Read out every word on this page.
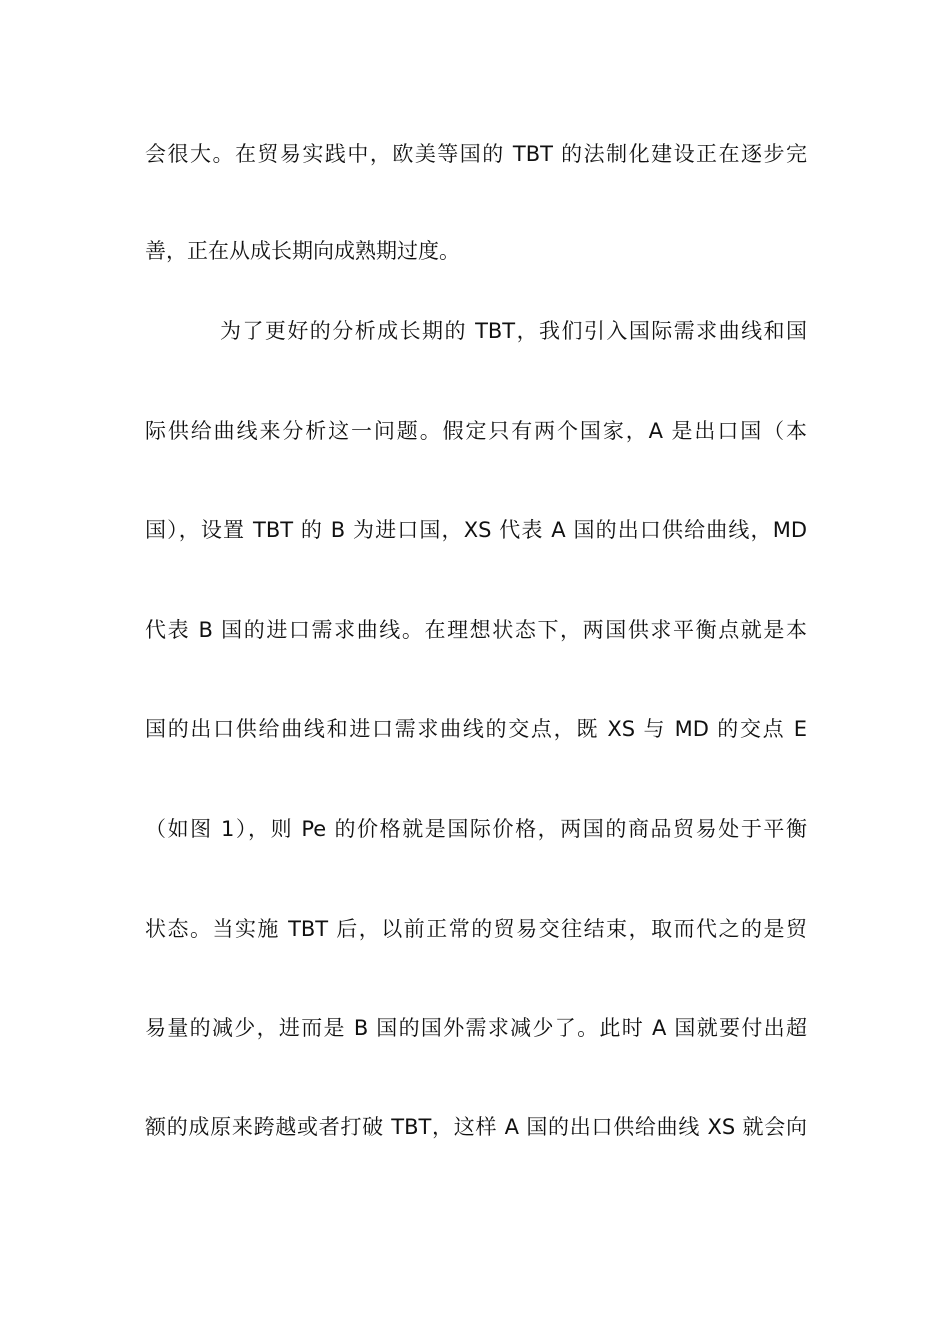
会很大。在贸易实践中，欧美等国的 TBT 的法制化建设正在逐步完
善，正在从成长期向成熟期过度。
为了更好的分析成长期的 TBT，我们引入国际需求曲线和国
际供给曲线来分析这一问题。假定只有两个国家，A 是出口国（本
国），设置 TBT 的 B 为进口国，XS 代表 A 国的出口供给曲线，MD
代表 B 国的进口需求曲线。在理想状态下，两国供求平衡点就是本
国的出口供给曲线和进口需求曲线的交点，既 XS 与 MD 的交点 E
（如图 1），则 Pe 的价格就是国际价格，两国的商品贸易处于平衡
状态。当实施 TBT 后，以前正常的贸易交往结束，取而代之的是贸
易量的减少，进而是 B 国的国外需求减少了。此时 A 国就要付出超
额的成原来跨越或者打破 TBT，这样 A 国的出口供给曲线 XS 就会向
